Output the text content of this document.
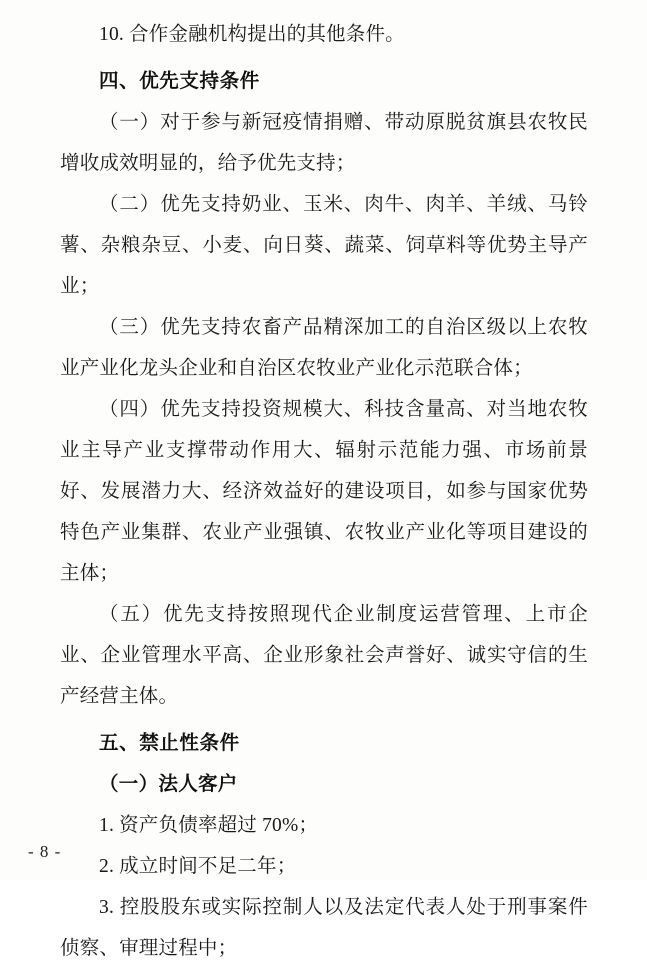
10. 合作金融机构提出的其他条件。

四、优先支持条件

（一）对于参与新冠疫情捐赠、带动原脱贫旗县农牧民增收成效明显的，给予优先支持；

（二）优先支持奶业、玉米、肉牛、肉羊、羊绒、马铃薯、杂粮杂豆、小麦、向日葵、蔬菜、饲草料等优势主导产业；

（三）优先支持农畜产品精深加工的自治区级以上农牧业产业化龙头企业和自治区农牧业产业化示范联合体；

（四）优先支持投资规模大、科技含量高、对当地农牧业主导产业支撑带动作用大、辐射示范能力强、市场前景好、发展潜力大、经济效益好的建设项目，如参与国家优势特色产业集群、农业产业强镇、农牧业产业化等项目建设的主体；

（五）优先支持按照现代企业制度运营管理、上市企业、企业管理水平高、企业形象社会声誉好、诚实守信的生产经营主体。

五、禁止性条件

（一）法人客户

1. 资产负债率超过 70%；

2. 成立时间不足二年；

3. 控股股东或实际控制人以及法定代表人处于刑事案件侦察、审理过程中；

- 8 -
